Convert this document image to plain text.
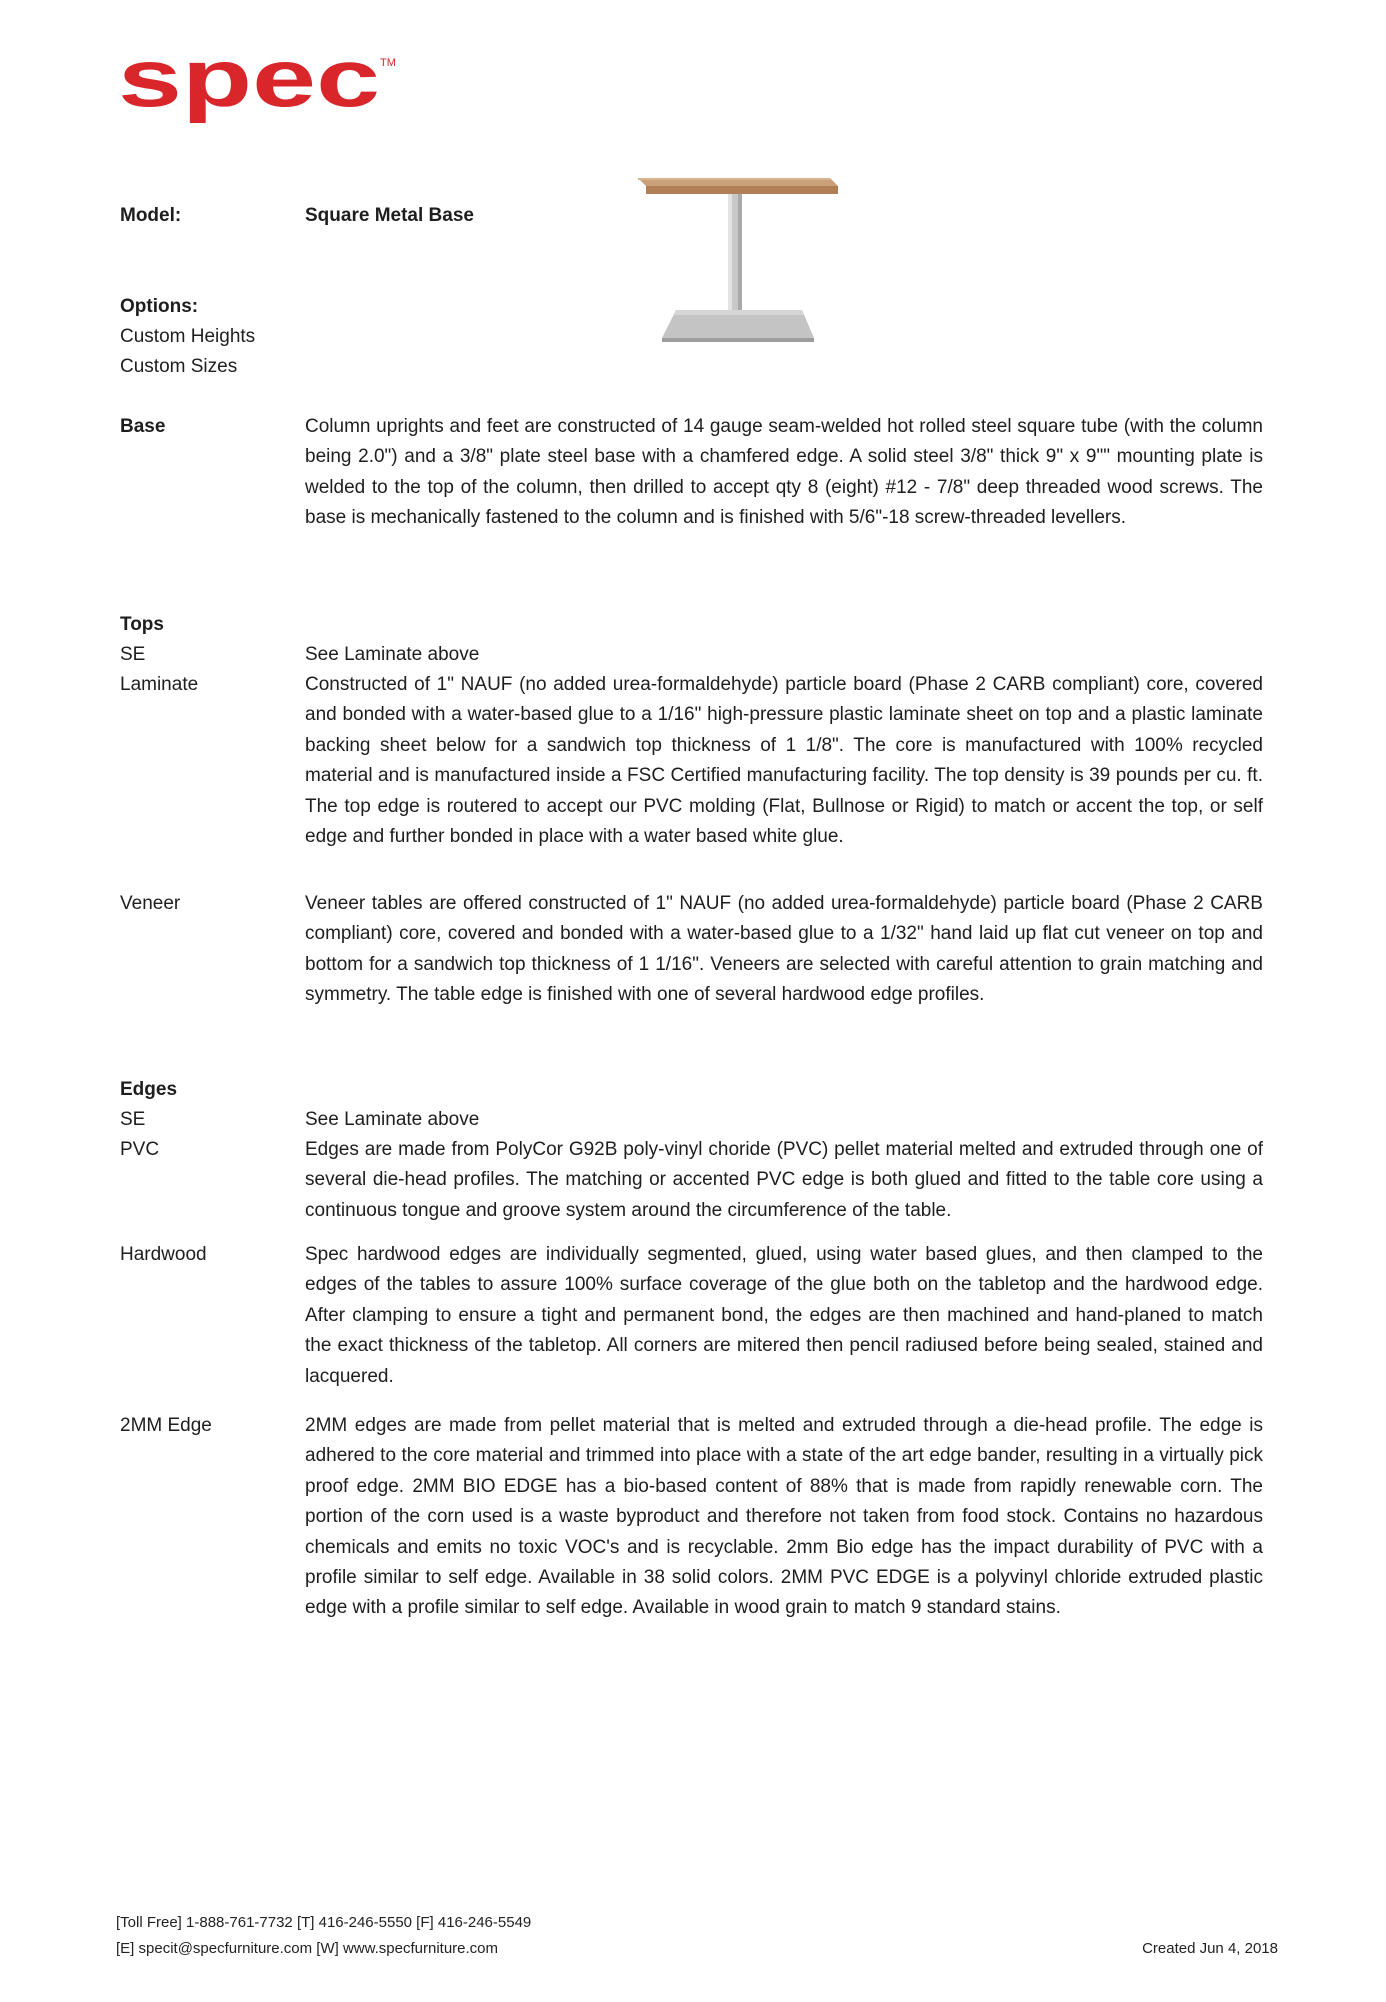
spec TM
Model:	Square Metal Base
Options:
Custom Heights
Custom Sizes
Base	Column uprights and feet are constructed of 14 gauge seam-welded hot rolled steel square tube (with the column being 2.0") and a 3/8" plate steel base with a chamfered edge. A solid steel 3/8" thick 9" x 9"" mounting plate is welded to the top of the column, then drilled to accept qty 8 (eight) #12 - 7/8" deep threaded wood screws. The base is mechanically fastened to the column and is finished with 5/6"-18 screw-threaded levellers.
Tops
SE	See Laminate above
Laminate	Constructed of 1" NAUF (no added urea-formaldehyde) particle board (Phase 2 CARB compliant) core, covered and bonded with a water-based glue to a 1/16" high-pressure plastic laminate sheet on top and a plastic laminate backing sheet below for a sandwich top thickness of 1 1/8". The core is manufactured with 100% recycled material and is manufactured inside a FSC Certified manufacturing facility. The top density is 39 pounds per cu. ft. The top edge is routered to accept our PVC molding (Flat, Bullnose or Rigid) to match or accent the top, or self edge and further bonded in place with a water based white glue.
Veneer	Veneer tables are offered constructed of 1" NAUF (no added urea-formaldehyde) particle board (Phase 2 CARB compliant) core, covered and bonded with a water-based glue to a 1/32" hand laid up flat cut veneer on top and bottom for a sandwich top thickness of 1 1/16". Veneers are selected with careful attention to grain matching and symmetry. The table edge is finished with one of several hardwood edge profiles.
Edges
SE	See Laminate above
PVC	Edges are made from PolyCor G92B poly-vinyl choride (PVC) pellet material melted and extruded through one of several die-head profiles. The matching or accented PVC edge is both glued and fitted to the table core using a continuous tongue and groove system around the circumference of the table.
Hardwood	Spec hardwood edges are individually segmented, glued, using water based glues, and then clamped to the edges of the tables to assure 100% surface coverage of the glue both on the tabletop and the hardwood edge. After clamping to ensure a tight and permanent bond, the edges are then machined and hand-planed to match the exact thickness of the tabletop. All corners are mitered then pencil radiused before being sealed, stained and lacquered.
2MM Edge	2MM edges are made from pellet material that is melted and extruded through a die-head profile. The edge is adhered to the core material and trimmed into place with a state of the art edge bander, resulting in a virtually pick proof edge. 2MM BIO EDGE has a bio-based content of 88% that is made from rapidly renewable corn. The portion of the corn used is a waste byproduct and therefore not taken from food stock. Contains no hazardous chemicals and emits no toxic VOC's and is recyclable. 2mm Bio edge has the impact durability of PVC with a profile similar to self edge. Available in 38 solid colors. 2MM PVC EDGE is a polyvinyl chloride extruded plastic edge with a profile similar to self edge. Available in wood grain to match 9 standard stains.
[Toll Free] 1-888-761-7732 [T] 416-246-5550 [F] 416-246-5549
[E] specit@specfurniture.com [W] www.specfurniture.com	Created Jun 4, 2018
